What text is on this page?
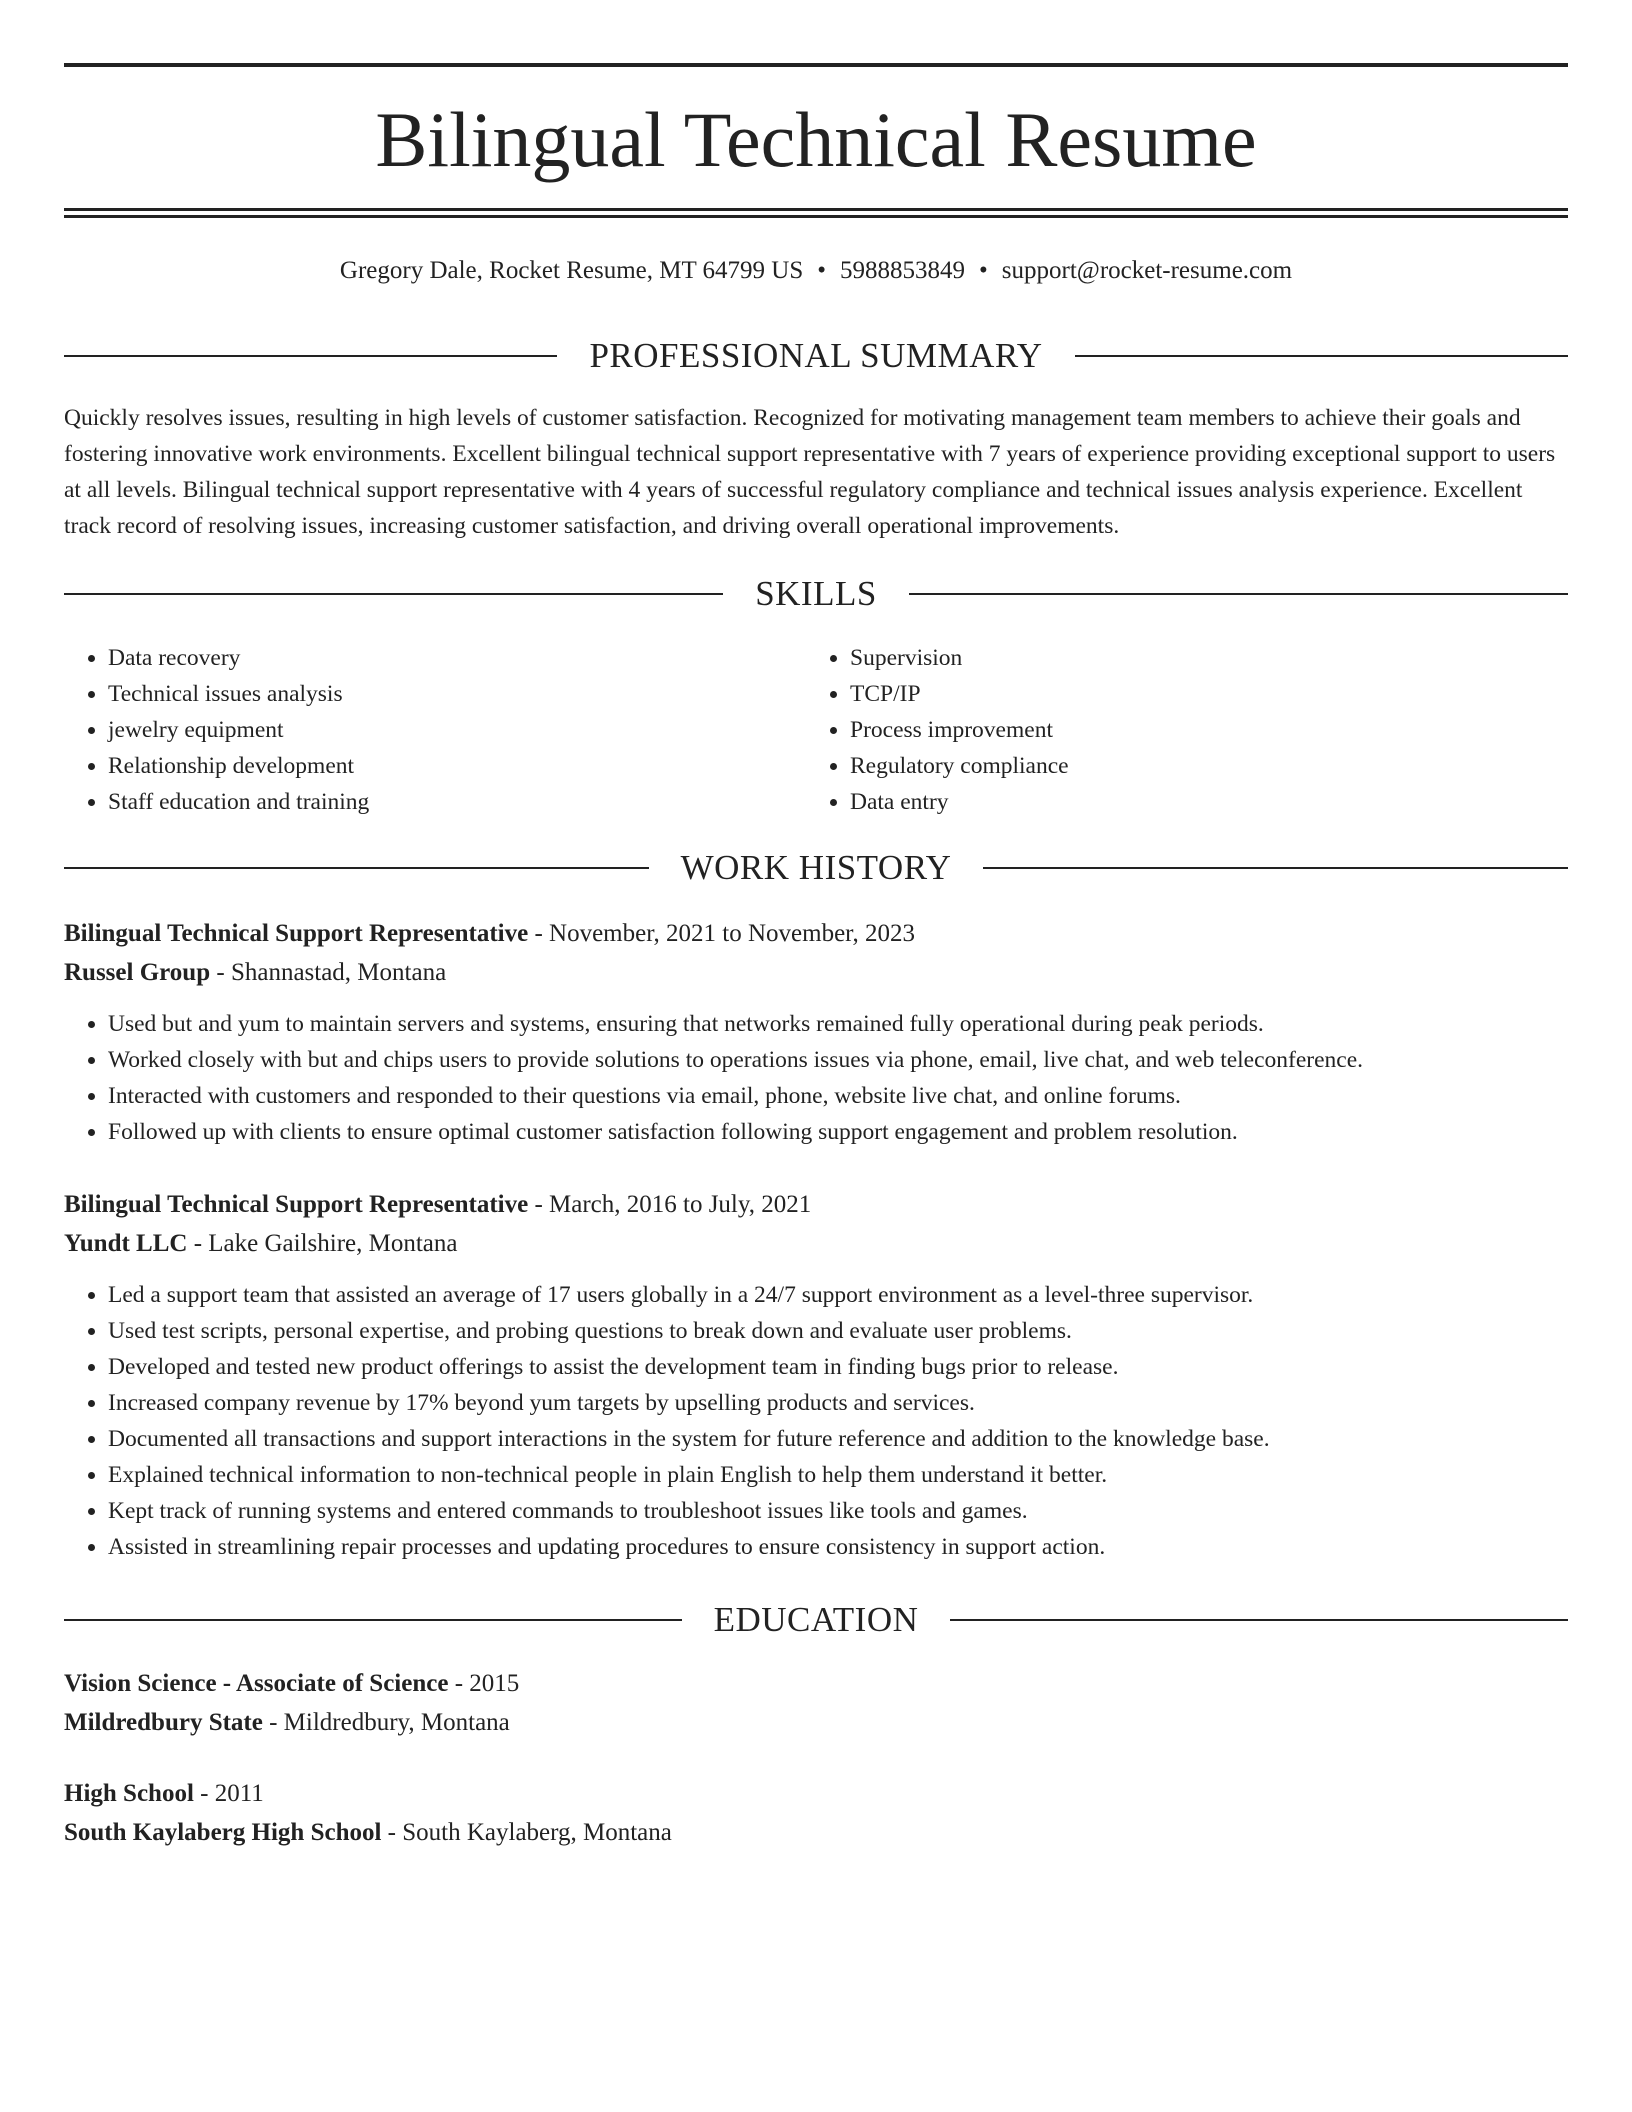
Bilingual Technical Resume
Gregory Dale, Rocket Resume, MT 64799 US • 5988853849 • support@rocket-resume.com
PROFESSIONAL SUMMARY

Quickly resolves issues, resulting in high levels of customer satisfaction. Recognized for motivating management team members to achieve their goals and fostering innovative work environments. Excellent bilingual technical support representative with 7 years of experience providing exceptional support to users at all levels. Bilingual technical support representative with 4 years of successful regulatory compliance and technical issues analysis experience. Excellent track record of resolving issues, increasing customer satisfaction, and driving overall operational improvements.

SKILLS
• Data recovery
• Technical issues analysis
• jewelry equipment
• Relationship development
• Staff education and training
• Supervision
• TCP/IP
• Process improvement
• Regulatory compliance
• Data entry
WORK HISTORY
Bilingual Technical Support Representative - November, 2021 to November, 2023
Russel Group - Shannastad, Montana
• Used but and yum to maintain servers and systems, ensuring that networks remained fully operational during peak periods.
• Worked closely with but and chips users to provide solutions to operations issues via phone, email, live chat, and web teleconference.
• Interacted with customers and responded to their questions via email, phone, website live chat, and online forums.
• Followed up with clients to ensure optimal customer satisfaction following support engagement and problem resolution.
Bilingual Technical Support Representative - March, 2016 to July, 2021
Yundt LLC - Lake Gailshire, Montana
• Led a support team that assisted an average of 17 users globally in a 24/7 support environment as a level-three supervisor.
• Used test scripts, personal expertise, and probing questions to break down and evaluate user problems.
• Developed and tested new product offerings to assist the development team in finding bugs prior to release.
• Increased company revenue by 17% beyond yum targets by upselling products and services.
• Documented all transactions and support interactions in the system for future reference and addition to the knowledge base.
• Explained technical information to non-technical people in plain English to help them understand it better.
• Kept track of running systems and entered commands to troubleshoot issues like tools and games.
• Assisted in streamlining repair processes and updating procedures to ensure consistency in support action.
EDUCATION
Vision Science - Associate of Science - 2015
Mildredbury State - Mildredbury, Montana
High School - 2011
South Kaylaberg High School - South Kaylaberg, Montana
